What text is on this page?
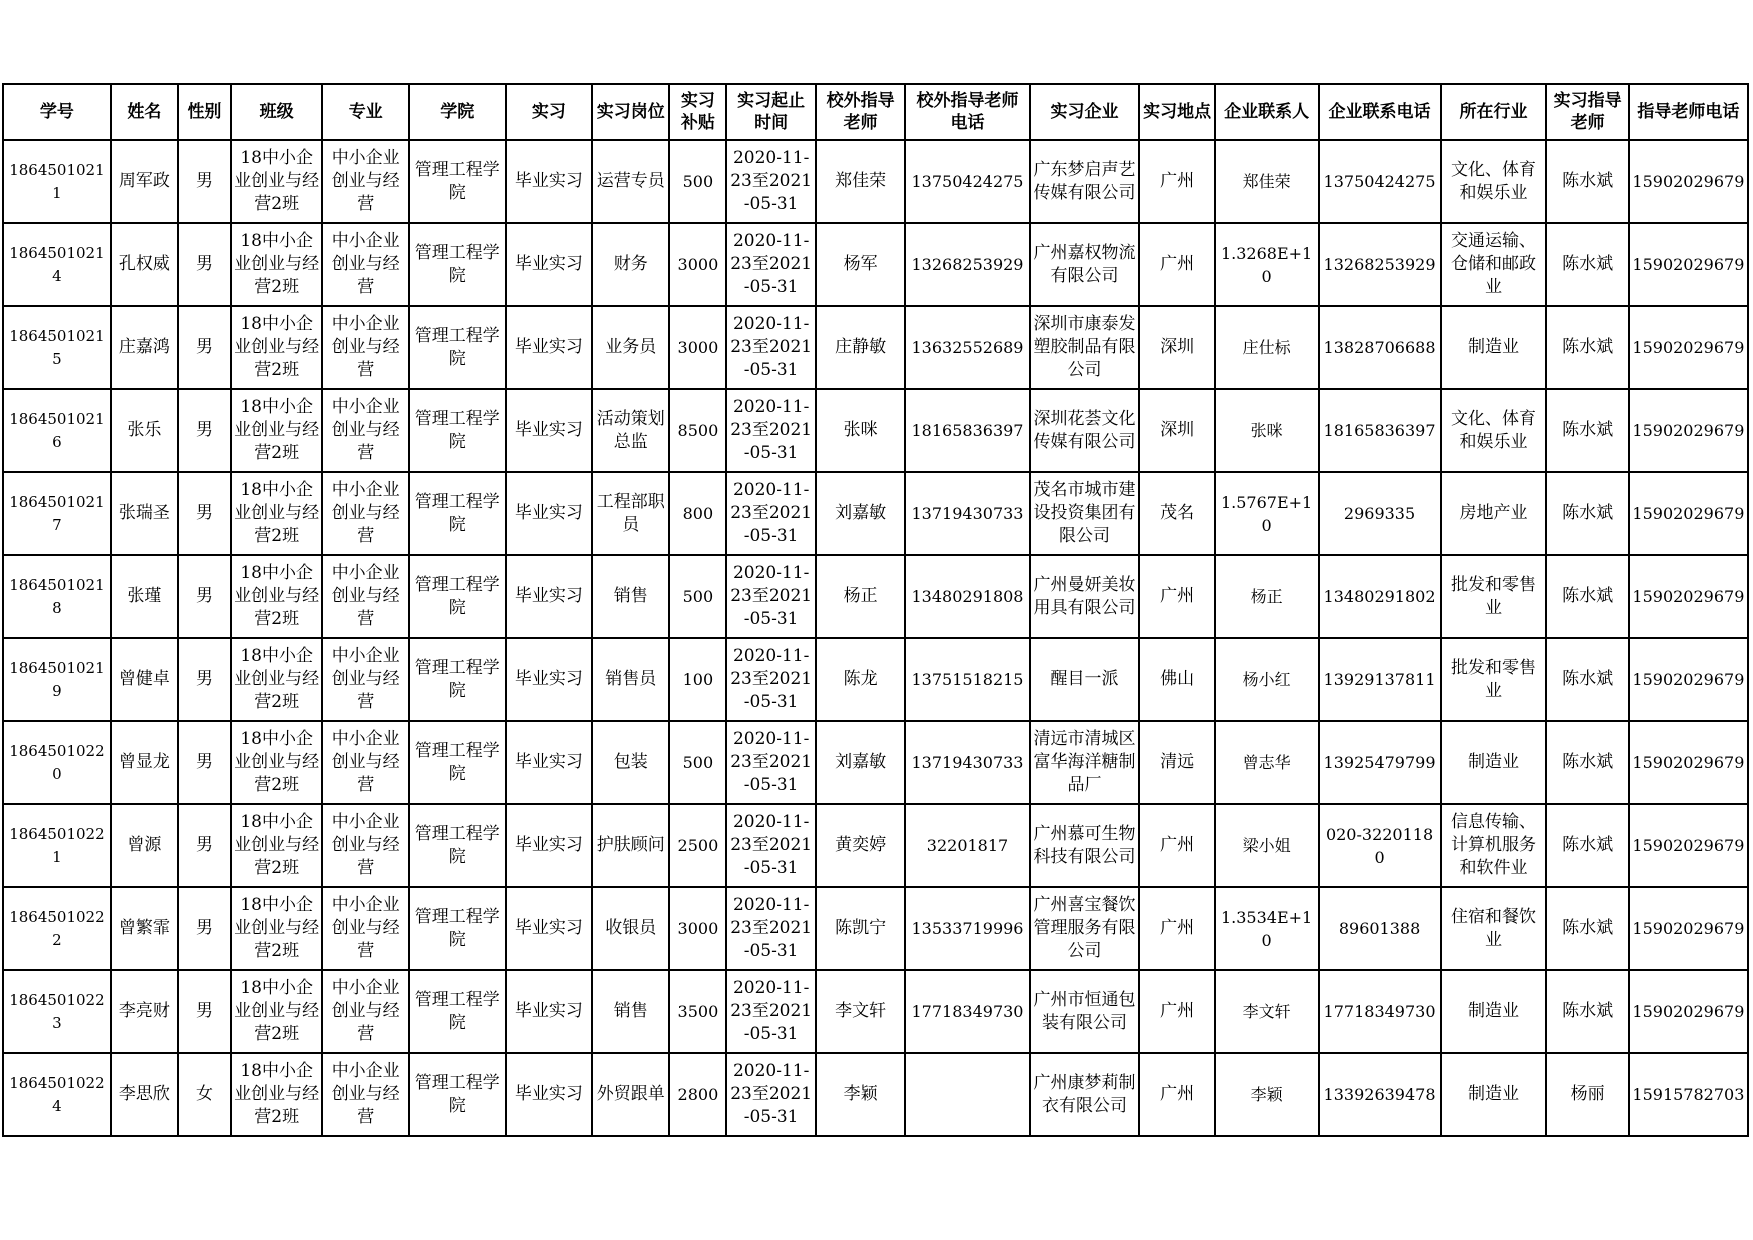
学号	姓名	性别	班级	专业	学院	实习	实习岗位	实习补贴	实习起止时间	校外指导老师	校外指导老师电话	实习企业	实习地点	企业联系人	企业联系电话	所在行业	实习指导老师	指导老师电话

18645010211	周军政	男	18中小企业创业与经营2班	中小企业创业与经营	管理工程学院	毕业实习	运营专员	500	2020-11-23至2021-05-31	郑佳荣	13750424275	广东梦启声艺传媒有限公司	广州	郑佳荣	13750424275	文化、体育和娱乐业	陈水斌	15902029679

18645010214	孔权威	男	18中小企业创业与经营2班	中小企业创业与经营	管理工程学院	毕业实习	财务	3000	2020-11-23至2021-05-31	杨军	13268253929	广州嘉权物流有限公司	广州	1.3268E+10	13268253929	交通运输、仓储和邮政业	陈水斌	15902029679

18645010215	庄嘉鸿	男	18中小企业创业与经营2班	中小企业创业与经营	管理工程学院	毕业实习	业务员	3000	2020-11-23至2021-05-31	庄静敏	13632552689	深圳市康泰发塑胶制品有限公司	深圳	庄仕标	13828706688	制造业	陈水斌	15902029679

18645010216	张乐	男	18中小企业创业与经营2班	中小企业创业与经营	管理工程学院	毕业实习	活动策划总监	8500	2020-11-23至2021-05-31	张咪	18165836397	深圳花荟文化传媒有限公司	深圳	张咪	18165836397	文化、体育和娱乐业	陈水斌	15902029679

18645010217	张瑞圣	男	18中小企业创业与经营2班	中小企业创业与经营	管理工程学院	毕业实习	工程部职员	800	2020-11-23至2021-05-31	刘嘉敏	13719430733	茂名市城市建设投资集团有限公司	茂名	1.5767E+10	2969335	房地产业	陈水斌	15902029679

18645010218	张瑾	男	18中小企业创业与经营2班	中小企业创业与经营	管理工程学院	毕业实习	销售	500	2020-11-23至2021-05-31	杨正	13480291808	广州曼妍美妆用具有限公司	广州	杨正	13480291802	批发和零售业	陈水斌	15902029679

18645010219	曾健卓	男	18中小企业创业与经营2班	中小企业创业与经营	管理工程学院	毕业实习	销售员	100	2020-11-23至2021-05-31	陈龙	13751518215	醒目一派	佛山	杨小红	13929137811	批发和零售业	陈水斌	15902029679

18645010220	曾显龙	男	18中小企业创业与经营2班	中小企业创业与经营	管理工程学院	毕业实习	包装	500	2020-11-23至2021-05-31	刘嘉敏	13719430733	清远市清城区富华海洋糖制品厂	清远	曾志华	13925479799	制造业	陈水斌	15902029679

18645010221	曾源	男	18中小企业创业与经营2班	中小企业创业与经营	管理工程学院	毕业实习	护肤顾问	2500	2020-11-23至2021-05-31	黄奕婷	32201817	广州慕可生物科技有限公司	广州	梁小姐	020-32201180	信息传输、计算机服务和软件业	陈水斌	15902029679

18645010222	曾繁霏	男	18中小企业创业与经营2班	中小企业创业与经营	管理工程学院	毕业实习	收银员	3000	2020-11-23至2021-05-31	陈凯宁	13533719996	广州喜宝餐饮管理服务有限公司	广州	1.3534E+10	89601388	住宿和餐饮业	陈水斌	15902029679

18645010223	李亮财	男	18中小企业创业与经营2班	中小企业创业与经营	管理工程学院	毕业实习	销售	3500	2020-11-23至2021-05-31	李文轩	17718349730	广州市恒通包装有限公司	广州	李文轩	17718349730	制造业	陈水斌	15902029679

18645010224	李思欣	女	18中小企业创业与经营2班	中小企业创业与经营	管理工程学院	毕业实习	外贸跟单	2800	2020-11-23至2021-05-31	李颖		广州康梦莉制衣有限公司	广州	李颖	13392639478	制造业	杨丽	15915782703
